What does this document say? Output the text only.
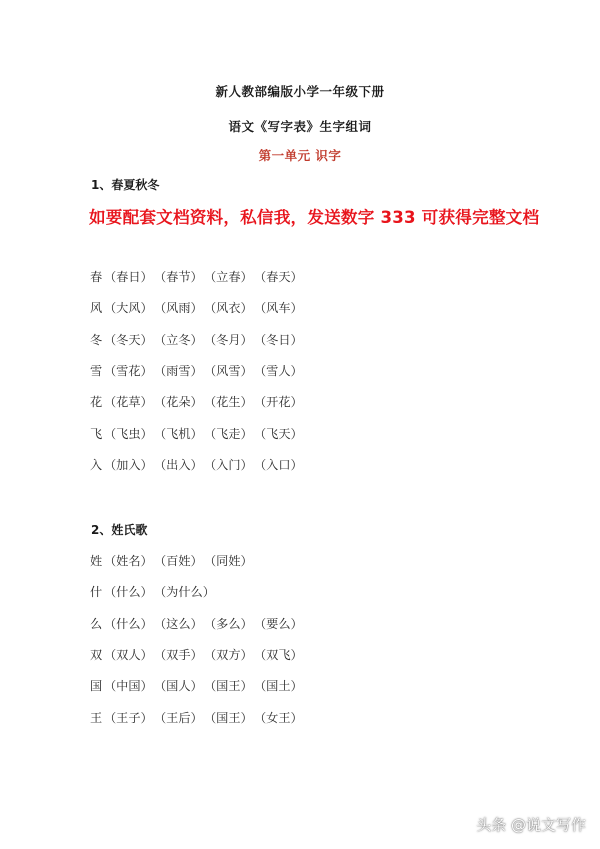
新人教部编版小学一年级下册
语文《写字表》生字组词
第一单元 识字
1、春夏秋冬
如要配套文档资料，私信我，发送数字 333 可获得完整文档
春 （春日）（春节）（立春）（春天）
风 （大风）（风雨）（风衣）（风车）
冬 （冬天）（立冬）（冬月）（冬日）
雪 （雪花）（雨雪）（风雪）（雪人）
花 （花草）（花朵）（花生）（开花）
飞 （飞虫）（飞机）（飞走）（飞天）
入 （加入）（出入）（入门）（入口）
2、姓氏歌
姓 （姓名）（百姓）（同姓）
什 （什么）（为什么）
么 （什么）（这么）（多么）（要么）
双 （双人）（双手）（双方）（双飞）
国 （中国）（国人）（国王）（国土）
王 （王子）（王后）（国王）（女王）
头条 @说文写作
